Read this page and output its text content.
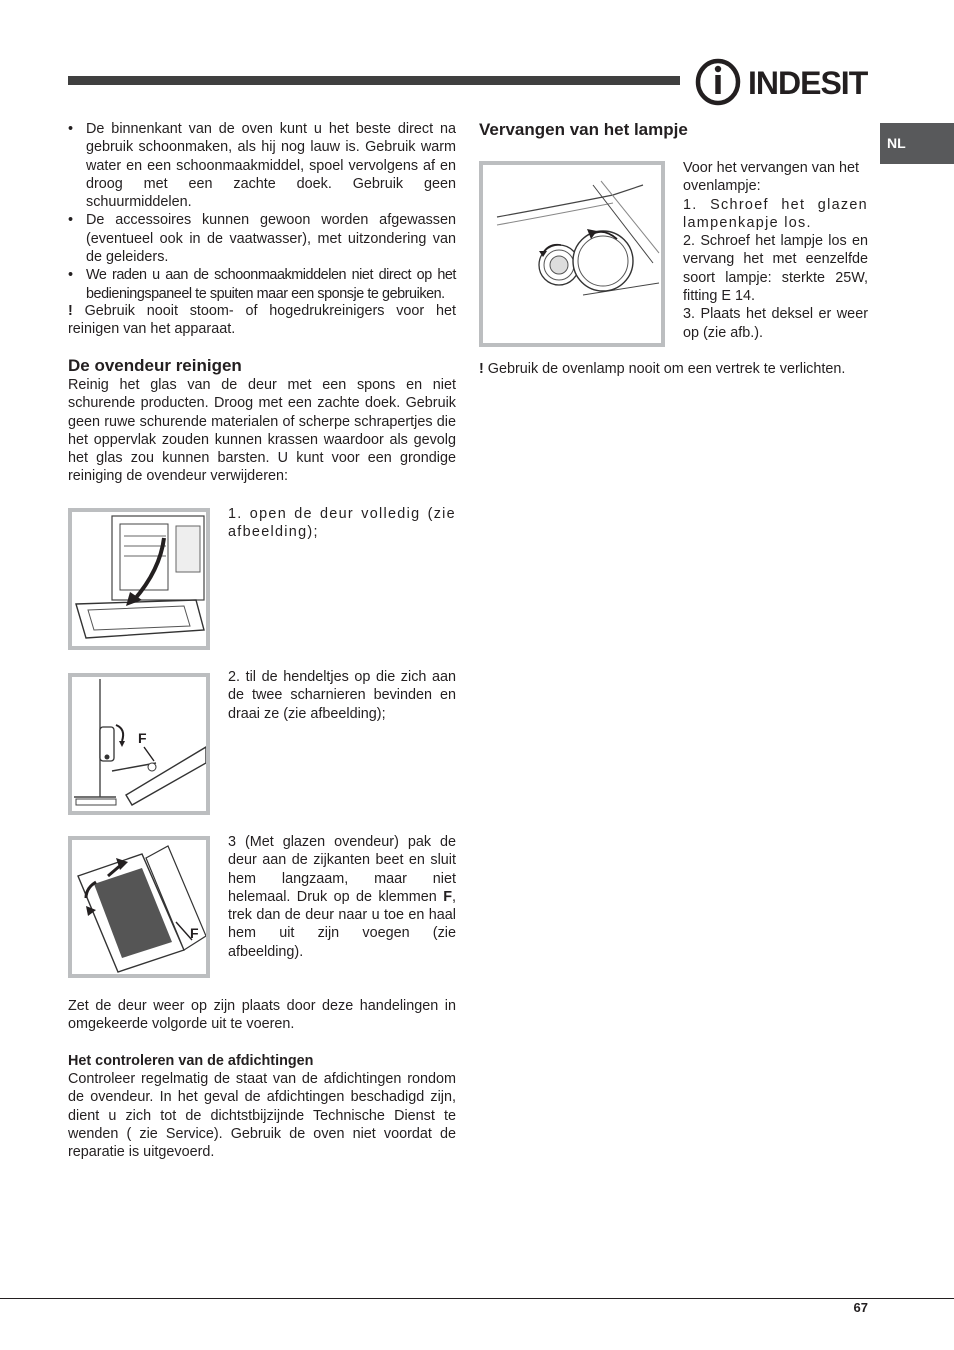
INDESIT
NL
• De binnenkant van de oven kunt u het beste direct na gebruik schoonmaken, als hij nog lauw is. Gebruik warm water en een schoonmaakmiddel, spoel vervolgens af en droog met een zachte doek. Gebruik geen schuurmiddelen.
• De accessoires kunnen gewoon worden afgewassen (eventueel ook in de vaatwasser), met uitzondering van de geleiders.
• We raden u aan de schoonmaakmiddelen niet direct op het bedieningspaneel te spuiten maar een sponsje te gebruiken.
! Gebruik nooit stoom- of hogedrukreinigers voor het reinigen van het apparaat.
De ovendeur reinigen
Reinig het glas van de deur met een spons en niet schurende producten. Droog met een zachte doek. Gebruik geen ruwe schurende materialen of scherpe schrapertjes die het oppervlak zouden kunnen krassen waardoor als gevolg het glas zou kunnen barsten. U kunt voor een grondige reiniging de ovendeur verwijderen:
1. open de deur volledig (zie afbeelding);
F
2. til de hendeltjes op die zich aan de twee scharnieren bevinden en draai ze (zie afbeelding);
F
3 (Met glazen ovendeur) pak de deur aan de zijkanten beet en sluit hem langzaam, maar niet helemaal. Druk op de klemmen F, trek dan de deur naar u toe en haal hem uit zijn voegen (zie afbeelding).
Zet de deur weer op zijn plaats door deze handelingen in omgekeerde volgorde uit te voeren.
Het controleren van de afdichtingen
Controleer regelmatig de staat van de afdichtingen rondom de ovendeur. In het geval de afdichtingen beschadigd zijn, dient u zich tot de dichtstbijzijnde Technische Dienst te wenden ( zie Service). Gebruik de oven niet voordat de reparatie is uitgevoerd.
Vervangen van het lampje
Voor het vervangen van het ovenlampje:
1. Schroef het glazen lampenkapje los.
2. Schroef het lampje los en vervang het met eenzelfde soort lampje: sterkte 25W, fitting E 14.
3. Plaats het deksel er weer op (zie afb.).
! Gebruik de ovenlamp nooit om een vertrek te verlichten.
67
